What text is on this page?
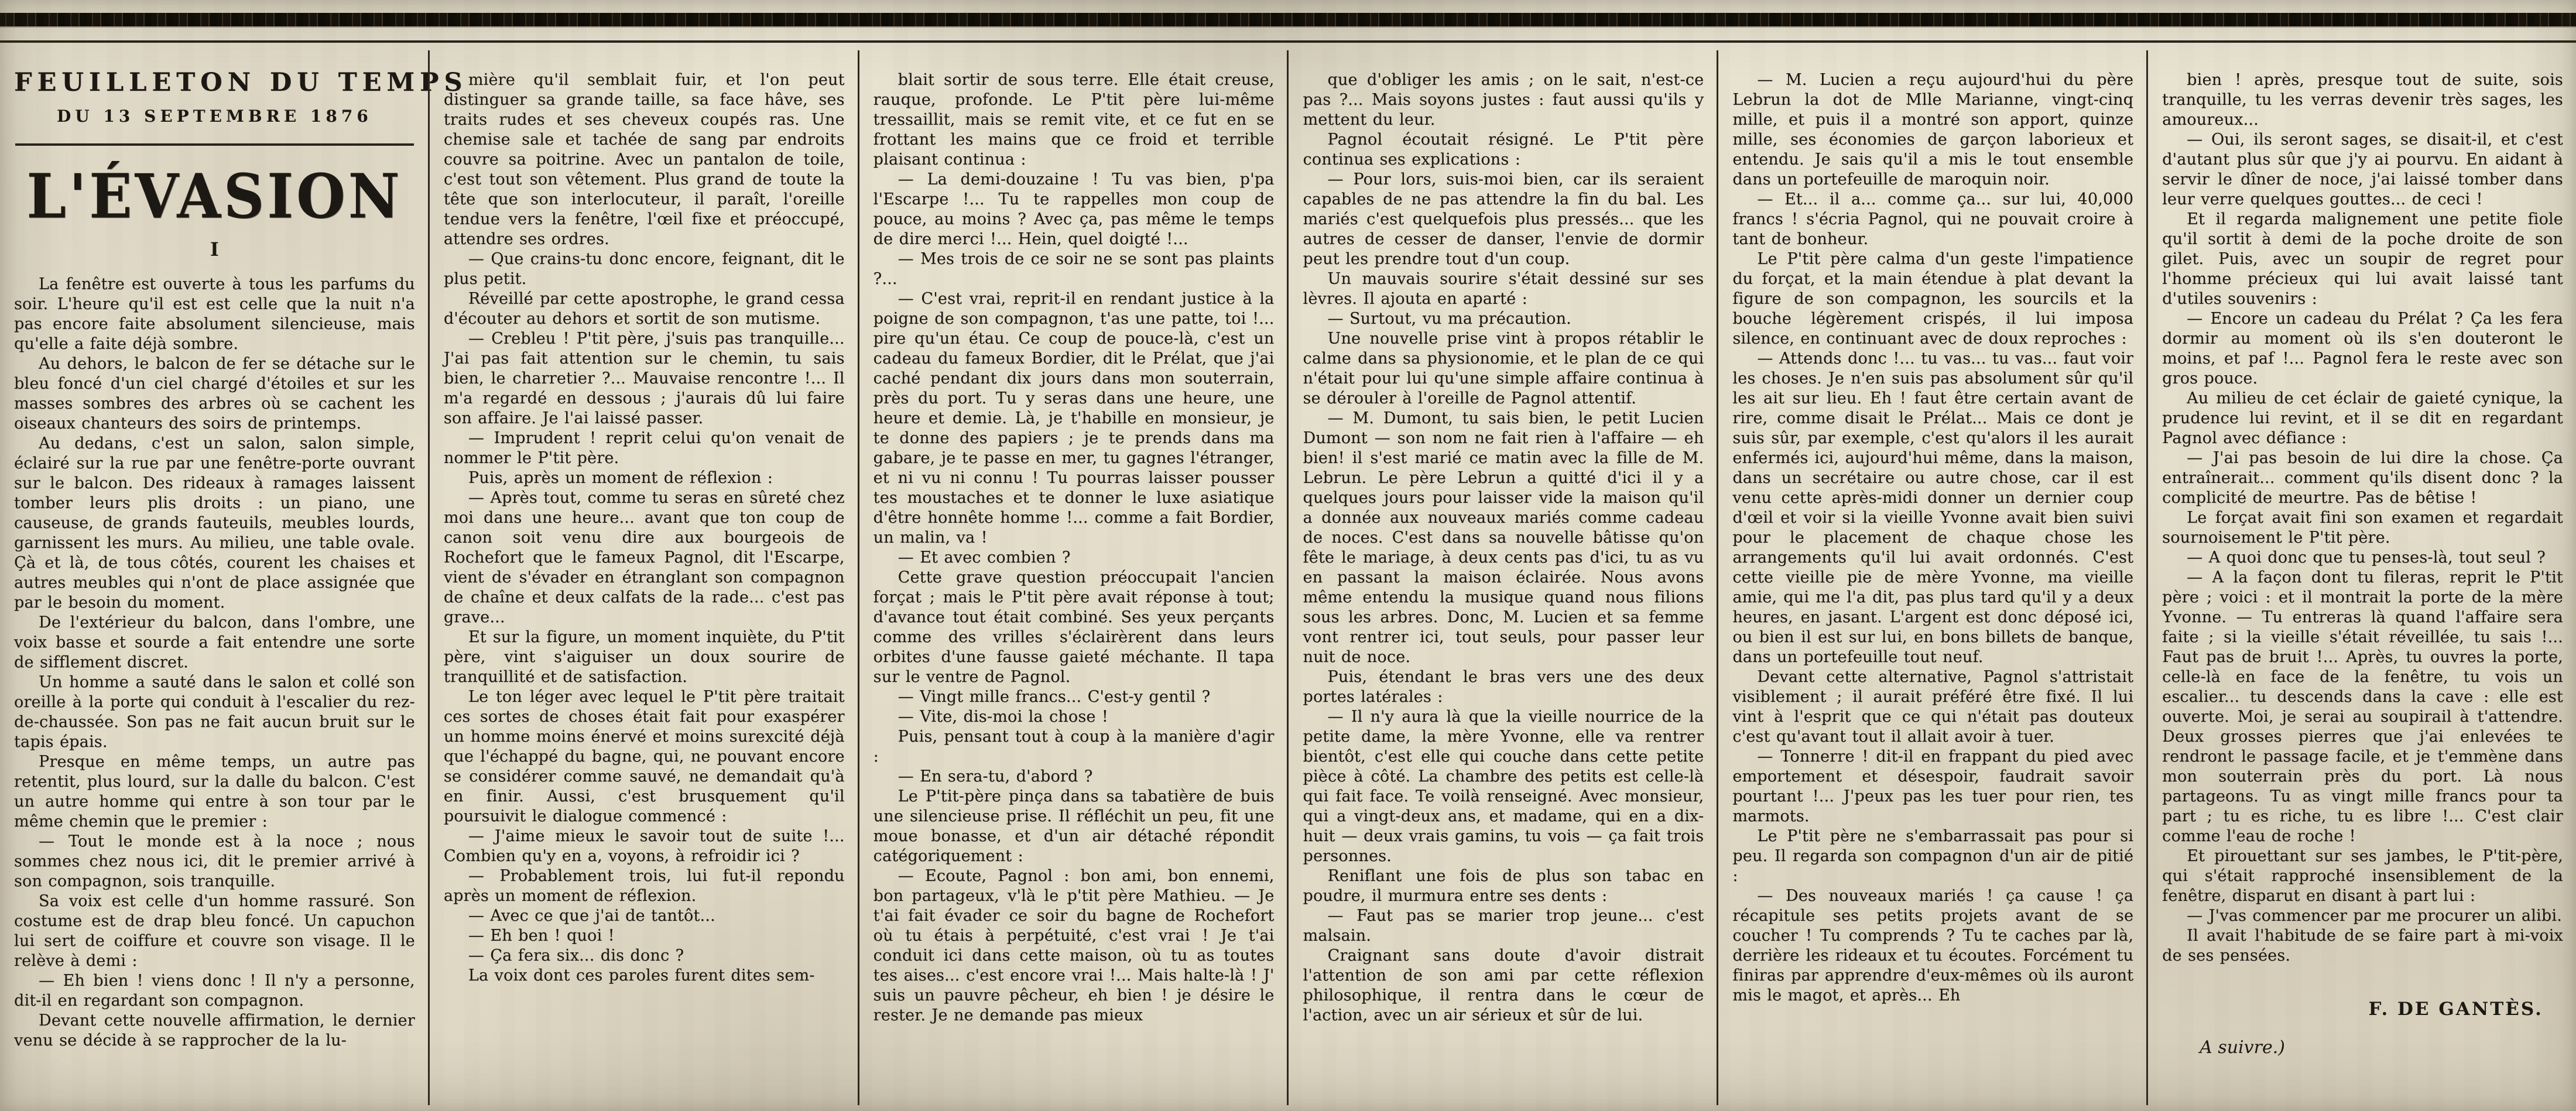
FEUILLETON DU TEMPS
DU 13 SEPTEMBRE 1876
L'ÉVASION
I

La fenêtre est ouverte à tous les parfums du soir. L'heure qu'il est est celle que la nuit n'a pas encore faite absolument silencieuse, mais qu'elle a faite déjà sombre.

Au dehors, le balcon de fer se détache sur le bleu foncé d'un ciel chargé d'étoiles et sur les masses sombres des arbres où se cachent les oiseaux chanteurs des soirs de printemps.

Au dedans, c'est un salon, salon simple, éclairé sur la rue par une fenêtre-porte ouvrant sur le balcon. Des rideaux à ramages laissent tomber leurs plis droits : un piano, une causeuse, de grands fauteuils, meubles lourds, garnissent les murs. Au milieu, une table ovale. Çà et là, de tous côtés, courent les chaises et autres meubles qui n'ont de place assignée que par le besoin du moment.

De l'extérieur du balcon, dans l'ombre, une voix basse et sourde a fait entendre une sorte de sifflement discret.

Un homme a sauté dans le salon et collé son oreille à la porte qui conduit à l'escalier du rez-de-chaussée. Son pas ne fait aucun bruit sur le tapis épais.

Presque en même temps, un autre pas retentit, plus lourd, sur la dalle du balcon. C'est un autre homme qui entre à son tour par le même chemin que le premier :

— Tout le monde est à la noce ; nous sommes chez nous ici, dit le premier arrivé à son compagnon, sois tranquille.

Sa voix est celle d'un homme rassuré. Son costume est de drap bleu foncé. Un capuchon lui sert de coiffure et couvre son visage. Il le relève à demi :

— Eh bien ! viens donc ! Il n'y a personne, dit-il en regardant son compagnon.

Devant cette nouvelle affirmation, le dernier venu se décide à se rapprocher de la lu-

mière qu'il semblait fuir, et l'on peut distinguer sa grande taille, sa face hâve, ses traits rudes et ses cheveux coupés ras. Une chemise sale et tachée de sang par endroits couvre sa poitrine. Avec un pantalon de toile, c'est tout son vêtement. Plus grand de toute la tête que son interlocuteur, il paraît, l'oreille tendue vers la fenêtre, l'œil fixe et préoccupé, attendre ses ordres.

— Que crains-tu donc encore, feignant, dit le plus petit.

Réveillé par cette apostrophe, le grand cessa d'écouter au dehors et sortit de son mutisme.

— Crebleu ! P'tit père, j'suis pas tranquille... J'ai pas fait attention sur le chemin, tu sais bien, le charretier ?... Mauvaise rencontre !... Il m'a regardé en dessous ; j'aurais dû lui faire son affaire. Je l'ai laissé passer.

— Imprudent ! reprit celui qu'on venait de nommer le P'tit père.

Puis, après un moment de réflexion :

— Après tout, comme tu seras en sûreté chez moi dans une heure... avant que ton coup de canon soit venu dire aux bourgeois de Rochefort que le fameux Pagnol, dit l'Escarpe, vient de s'évader en étranglant son compagnon de chaîne et deux calfats de la rade... c'est pas grave...

Et sur la figure, un moment inquiète, du P'tit père, vint s'aiguiser un doux sourire de tranquillité et de satisfaction.

Le ton léger avec lequel le P'tit père traitait ces sortes de choses était fait pour exaspérer un homme moins énervé et moins surexcité déjà que l'échappé du bagne, qui, ne pouvant encore se considérer comme sauvé, ne demandait qu'à en finir. Aussi, c'est brusquement qu'il poursuivit le dialogue commencé :

— J'aime mieux le savoir tout de suite !... Combien qu'y en a, voyons, à refroidir ici ?

— Probablement trois, lui fut-il repondu après un moment de réflexion.

— Avec ce que j'ai de tantôt...

— Eh ben ! quoi !

— Ça fera six... dis donc ?

La voix dont ces paroles furent dites sem-

blait sortir de sous terre. Elle était creuse, rauque, profonde. Le P'tit père lui-même tressaillit, mais se remit vite, et ce fut en se frottant les mains que ce froid et terrible plaisant continua :

— La demi-douzaine ! Tu vas bien, p'pa l'Escarpe !... Tu te rappelles mon coup de pouce, au moins ? Avec ça, pas même le temps de dire merci !... Hein, quel doigté !...

— Mes trois de ce soir ne se sont pas plaints ?...

— C'est vrai, reprit-il en rendant justice à la poigne de son compagnon, t'as une patte, toi !... pire qu'un étau. Ce coup de pouce-là, c'est un cadeau du fameux Bordier, dit le Prélat, que j'ai caché pendant dix jours dans mon souterrain, près du port. Tu y seras dans une heure, une heure et demie. Là, je t'habille en monsieur, je te donne des papiers ; je te prends dans ma gabare, je te passe en mer, tu gagnes l'étranger, et ni vu ni connu ! Tu pourras laisser pousser tes moustaches et te donner le luxe asiatique d'être honnête homme !... comme a fait Bordier, un malin, va !

— Et avec combien ?

Cette grave question préoccupait l'ancien forçat ; mais le P'tit père avait réponse à tout; d'avance tout était combiné. Ses yeux perçants comme des vrilles s'éclairèrent dans leurs orbites d'une fausse gaieté méchante. Il tapa sur le ventre de Pagnol.

— Vingt mille francs... C'est-y gentil ?

— Vite, dis-moi la chose !

Puis, pensant tout à coup à la manière d'agir :

— En sera-tu, d'abord ?

Le P'tit-père pinça dans sa tabatière de buis une silencieuse prise. Il réfléchit un peu, fit une moue bonasse, et d'un air détaché répondit catégoriquement :

— Ecoute, Pagnol : bon ami, bon ennemi, bon partageux, v'là le p'tit père Mathieu. — Je t'ai fait évader ce soir du bagne de Rochefort où tu étais à perpétuité, c'est vrai ! Je t'ai conduit ici dans cette maison, où tu as toutes tes aises... c'est encore vrai !... Mais halte-là ! J' suis un pauvre pêcheur, eh bien ! je désire le rester. Je ne demande pas mieux

que d'obliger les amis ; on le sait, n'est-ce pas ?... Mais soyons justes : faut aussi qu'ils y mettent du leur.

Pagnol écoutait résigné. Le P'tit père continua ses explications :

— Pour lors, suis-moi bien, car ils seraient capables de ne pas attendre la fin du bal. Les mariés c'est quelquefois plus pressés... que les autres de cesser de danser, l'envie de dormir peut les prendre tout d'un coup.

Un mauvais sourire s'était dessiné sur ses lèvres. Il ajouta en aparté :

— Surtout, vu ma précaution.

Une nouvelle prise vint à propos rétablir le calme dans sa physionomie, et le plan de ce qui n'était pour lui qu'une simple affaire continua à se dérouler à l'oreille de Pagnol attentif.

— M. Dumont, tu sais bien, le petit Lucien Dumont — son nom ne fait rien à l'affaire — eh bien! il s'est marié ce matin avec la fille de M. Lebrun. Le père Lebrun a quitté d'ici il y a quelques jours pour laisser vide la maison qu'il a donnée aux nouveaux mariés comme cadeau de noces. C'est dans sa nouvelle bâtisse qu'on fête le mariage, à deux cents pas d'ici, tu as vu en passant la maison éclairée. Nous avons même entendu la musique quand nous filions sous les arbres. Donc, M. Lucien et sa femme vont rentrer ici, tout seuls, pour passer leur nuit de noce.

Puis, étendant le bras vers une des deux portes latérales :

— Il n'y aura là que la vieille nourrice de la petite dame, la mère Yvonne, elle va rentrer bientôt, c'est elle qui couche dans cette petite pièce à côté. La chambre des petits est celle-là qui fait face. Te voilà renseigné. Avec monsieur, qui a vingt-deux ans, et madame, qui en a dix-huit — deux vrais gamins, tu vois — ça fait trois personnes.

Reniflant une fois de plus son tabac en poudre, il murmura entre ses dents :

— Faut pas se marier trop jeune... c'est malsain.

Craignant sans doute d'avoir distrait l'attention de son ami par cette réflexion philosophique, il rentra dans le cœur de l'action, avec un air sérieux et sûr de lui.

— M. Lucien a reçu aujourd'hui du père Lebrun la dot de Mlle Marianne, vingt-cinq mille, et puis il a montré son apport, quinze mille, ses économies de garçon laborieux et entendu. Je sais qu'il a mis le tout ensemble dans un portefeuille de maroquin noir.

— Et... il a... comme ça... sur lui, 40,000 francs ! s'écria Pagnol, qui ne pouvait croire à tant de bonheur.

Le P'tit père calma d'un geste l'impatience du forçat, et la main étendue à plat devant la figure de son compagnon, les sourcils et la bouche légèrement crispés, il lui imposa silence, en continuant avec de doux reproches :

— Attends donc !... tu vas... tu vas... faut voir les choses. Je n'en suis pas absolument sûr qu'il les ait sur lieu. Eh ! faut être certain avant de rire, comme disait le Prélat... Mais ce dont je suis sûr, par exemple, c'est qu'alors il les aurait enfermés ici, aujourd'hui même, dans la maison, dans un secrétaire ou autre chose, car il est venu cette après-midi donner un dernier coup d'œil et voir si la vieille Yvonne avait bien suivi pour le placement de chaque chose les arrangements qu'il lui avait ordonnés. C'est cette vieille pie de mère Yvonne, ma vieille amie, qui me l'a dit, pas plus tard qu'il y a deux heures, en jasant. L'argent est donc déposé ici, ou bien il est sur lui, en bons billets de banque, dans un portefeuille tout neuf.

Devant cette alternative, Pagnol s'attristait visiblement ; il aurait préféré être fixé. Il lui vint à l'esprit que ce qui n'était pas douteux c'est qu'avant tout il allait avoir à tuer.

— Tonnerre ! dit-il en frappant du pied avec emportement et désespoir, faudrait savoir pourtant !... J'peux pas les tuer pour rien, tes marmots.

Le P'tit père ne s'embarrassait pas pour si peu. Il regarda son compagnon d'un air de pitié :

— Des nouveaux mariés ! ça cause ! ça récapitule ses petits projets avant de se coucher ! Tu comprends ? Tu te caches par là, derrière les rideaux et tu écoutes. Forcément tu finiras par apprendre d'eux-mêmes où ils auront mis le magot, et après... Eh

bien ! après, presque tout de suite, sois tranquille, tu les verras devenir très sages, les amoureux...

— Oui, ils seront sages, se disait-il, et c'est d'autant plus sûr que j'y ai pourvu. En aidant à servir le dîner de noce, j'ai laissé tomber dans leur verre quelques gouttes... de ceci !

Et il regarda malignement une petite fiole qu'il sortit à demi de la poche droite de son gilet. Puis, avec un soupir de regret pour l'homme précieux qui lui avait laissé tant d'utiles souvenirs :

— Encore un cadeau du Prélat ? Ça les fera dormir au moment où ils s'en douteront le moins, et paf !... Pagnol fera le reste avec son gros pouce.

Au milieu de cet éclair de gaieté cynique, la prudence lui revint, et il se dit en regardant Pagnol avec défiance :

— J'ai pas besoin de lui dire la chose. Ça entraînerait... comment qu'ils disent donc ? la complicité de meurtre. Pas de bêtise !

Le forçat avait fini son examen et regardait sournoisement le P'tit père.

— A quoi donc que tu penses-là, tout seul ?

— A la façon dont tu fileras, reprit le P'tit père ; voici : et il montrait la porte de la mère Yvonne. — Tu entreras là quand l'affaire sera faite ; si la vieille s'était réveillée, tu sais !... Faut pas de bruit !... Après, tu ouvres la porte, celle-là en face de la fenêtre, tu vois un escalier... tu descends dans la cave : elle est ouverte. Moi, je serai au soupirail à t'attendre. Deux grosses pierres que j'ai enlevées te rendront le passage facile, et je t'emmène dans mon souterrain près du port. Là nous partageons. Tu as vingt mille francs pour ta part ; tu es riche, tu es libre !... C'est clair comme l'eau de roche !

Et pirouettant sur ses jambes, le P'tit-père, qui s'était rapproché insensiblement de la fenêtre, disparut en disant à part lui :

— J'vas commencer par me procurer un alibi.

Il avait l'habitude de se faire part à mi-voix de ses pensées.

F. DE GANTÈS.
A suivre.)
